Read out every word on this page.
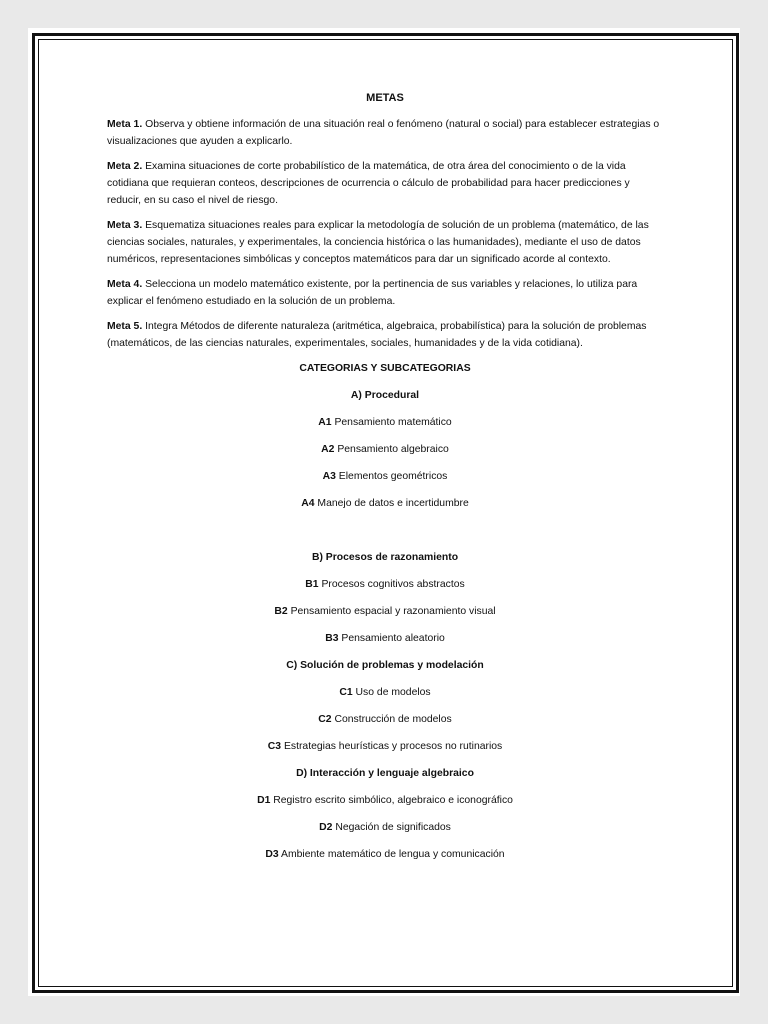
METAS

Meta 1. Observa y obtiene información de una situación real o fenómeno (natural o social) para establecer estrategias o visualizaciones que ayuden a explicarlo.

Meta 2. Examina situaciones de corte probabilístico de la matemática, de otra área del conocimiento o de la vida cotidiana que requieran conteos, descripciones de ocurrencia o cálculo de probabilidad para hacer predicciones y reducir, en su caso el nivel de riesgo.

Meta 3. Esquematiza situaciones reales para explicar la metodología de solución de un problema (matemático, de las ciencias sociales, naturales, y experimentales, la conciencia histórica o las humanidades), mediante el uso de datos numéricos, representaciones simbólicas y conceptos matemáticos para dar un significado acorde al contexto.

Meta 4. Selecciona un modelo matemático existente, por la pertinencia de sus variables y relaciones, lo utiliza para explicar el fenómeno estudiado en la solución de un problema.

Meta 5. Integra Métodos de diferente naturaleza (aritmética, algebraica, probabilística) para la solución de problemas (matemáticos, de las ciencias naturales, experimentales, sociales, humanidades y de la vida cotidiana).

CATEGORIAS Y SUBCATEGORIAS

A) Procedural

A1 Pensamiento matemático

A2 Pensamiento algebraico

A3 Elementos geométricos

A4 Manejo de datos e incertidumbre

B) Procesos de razonamiento

B1 Procesos cognitivos abstractos

B2 Pensamiento espacial y razonamiento visual

B3 Pensamiento aleatorio

C) Solución de problemas y modelación

C1 Uso de modelos

C2 Construcción de modelos

C3 Estrategias heurísticas y procesos no rutinarios

D) Interacción y lenguaje algebraico

D1 Registro escrito simbólico, algebraico e iconográfico

D2 Negación de significados

D3 Ambiente matemático de lengua y comunicación
